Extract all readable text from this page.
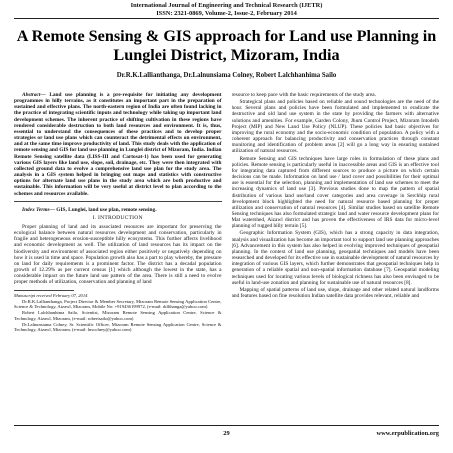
International Journal of Engineering and Technical Research (IJETR)
ISSN: 2321-0869, Volume-2, Issue-2, February 2014
A Remote Sensing & GIS approach for Land use Planning in Lunglei District, Mizoram, India
Dr.R.K.Lallianthanga, Dr.Lalnunsiama Colney, Robert Lalchhanhima Sailo

Abstract— Land use planning is a pre-requisite for initiating any development programmes in hilly terrains, as it constitutes an important part in the preparation of sustained and effective plans. The north-eastern region of India are often found lacking in the practice of integrating scientific inputs and technology while taking up important land development schemes. The inherent practice of shifting cultivation in these regions have rendered considerable destruction to both land resources and environment. It is, thus, essential to understand the consequences of these practices and to develop proper strategies or land use plans which can counteract the detrimental effects on environment, and at the same time improve productivity of land. This study deals with the application of remote sensing and GIS for land use planning in Lunglei district of Mizoram, India. Indian Remote Sensing satellite data (LISS-III and Cartosat-1) has been used for generating various GIS layers like land use, slope, soil, drainage, etc. They were then integrated with collected ground data to evolve a comprehensive land use plan for the study area. The analysis in a GIS system helped in bringing out maps and statistics with constructive options for alternate land use plans in the study area which are both productive and sustainable. This information will be very useful at district level to plan according to the schemes and resources available.

Index Terms— GIS, Lunglei, land use plan, remote sensing.

I. INTRODUCTION

Proper planning of land and its associated resources are important for preserving the ecological balance between natural resources development and conservation, particularly in fragile and heterogeneous erosion-susceptible hilly ecosystems. This further affects livelihood and economic development as well. The utilization of land resources has its impact on the biodiversity and environment of associated region either positively or negatively depending on how it is used in time and space. Population growth also has a part to play whereby, the pressure on land for daily requirements is a prominent factor. The district has a decadal population growth of 12.29% as per current census [1] which although the lowest in the state, has a considerable impact on the future land use pattern of the area. There is still a need to evolve proper methods of utilization, conservation and planning of land

Manuscript received February 07, 2014

Dr.R.K.Lallianthanga, Project Director & Member Secretary, Mizoram Remote Sensing Application Centre, Science & Technology, Aizawl, Mizoram, Mobile No: +919436199972, (e-mail: rkllthanga@yahoo.com)

Robert Lalchhanhima Sailo, Scientist, Mizoram Remote Sensing Application Centre, Science & Technology, Aizawl, Mizoram, (e-mail: robertsailo@yahoo.com)

Dr.Lalnunsiama Colney, Sr. Scientific Officer, Mizoram Remote Sensing Application Centre, Science & Technology, Aizawl, Mizoram, (e-mail: lnscolney@yahoo.com)

resource to keep pace with the basic requirements of the study area.

Strategical plans and policies based on reliable and sound technologies are the need of the hour. Several plans and policies have been formulated and implemented to eradicate the destructive and old land use system in the state by providing the farmers with alternative solutions and amenities. For example, Garden Colony, Jhum Control Project, Mizoram Intodelh Project (MIP) and New Land Use Policy (NLUP). These policies had basic objectives for improving the rural economy and the socio-economic condition of population. A policy with a coherent approach for balancing productivity and conservation practices through constant monitoring and identification of problem areas [2] will go a long way in ensuring sustained utilization of natural resources.

Remote Sensing and GIS techniques have large roles in formulation of these plans and policies. Remote sensing is particularly useful in inaccessible areas and GIS is an effective tool for integrating data captured from different sources to produce a picture on which certain decisions can be made. Information on land use / land cover and possibilities for their optimal use is essential for the selection, planning and implementation of land use schemes to meet the increasing dynamics of land use [3]. Previous studies done to map the pattern of spatial distribution of various land use/land cover categories and area coverage in Serchhip rural development block highlighted the need for natural resource based planning for proper utilization and conservation of natural resources [4]. Similar studies based on satellite Remote Sensing techniques has also formulated strategic land and water resource development plans for Mat watershed, Aizawl district and has proven the effectiveness of IRS data for micro-level planning of rugged hilly terrain [5].

Geographic Information System (GIS), which has a strong capacity in data integration, analysis and visualization has become an important tool to support land use planning approaches [6]. Advancement in this system has also helped in evolving improved techniques of geospatial planning. In the context of land use planning, geospatial techniques and models have been researched and developed for its effective use in sustainable development of natural resources by integration of various GIS layers, which further demonstrates that geospatial techniques help in generation of a reliable spatial and non-spatial information database [7]. Geospatial modeling techniques used for locating various levels of biological richness has also been envisaged to be useful in land-use zonation and planning for sustainable use of natural resources [8].

Mapping of spatial patterns of land use, slope, drainage and other related natural landforms and features based on fine resolution Indian satellite data provides relevant, reliable and

29	www.erpublication.org
